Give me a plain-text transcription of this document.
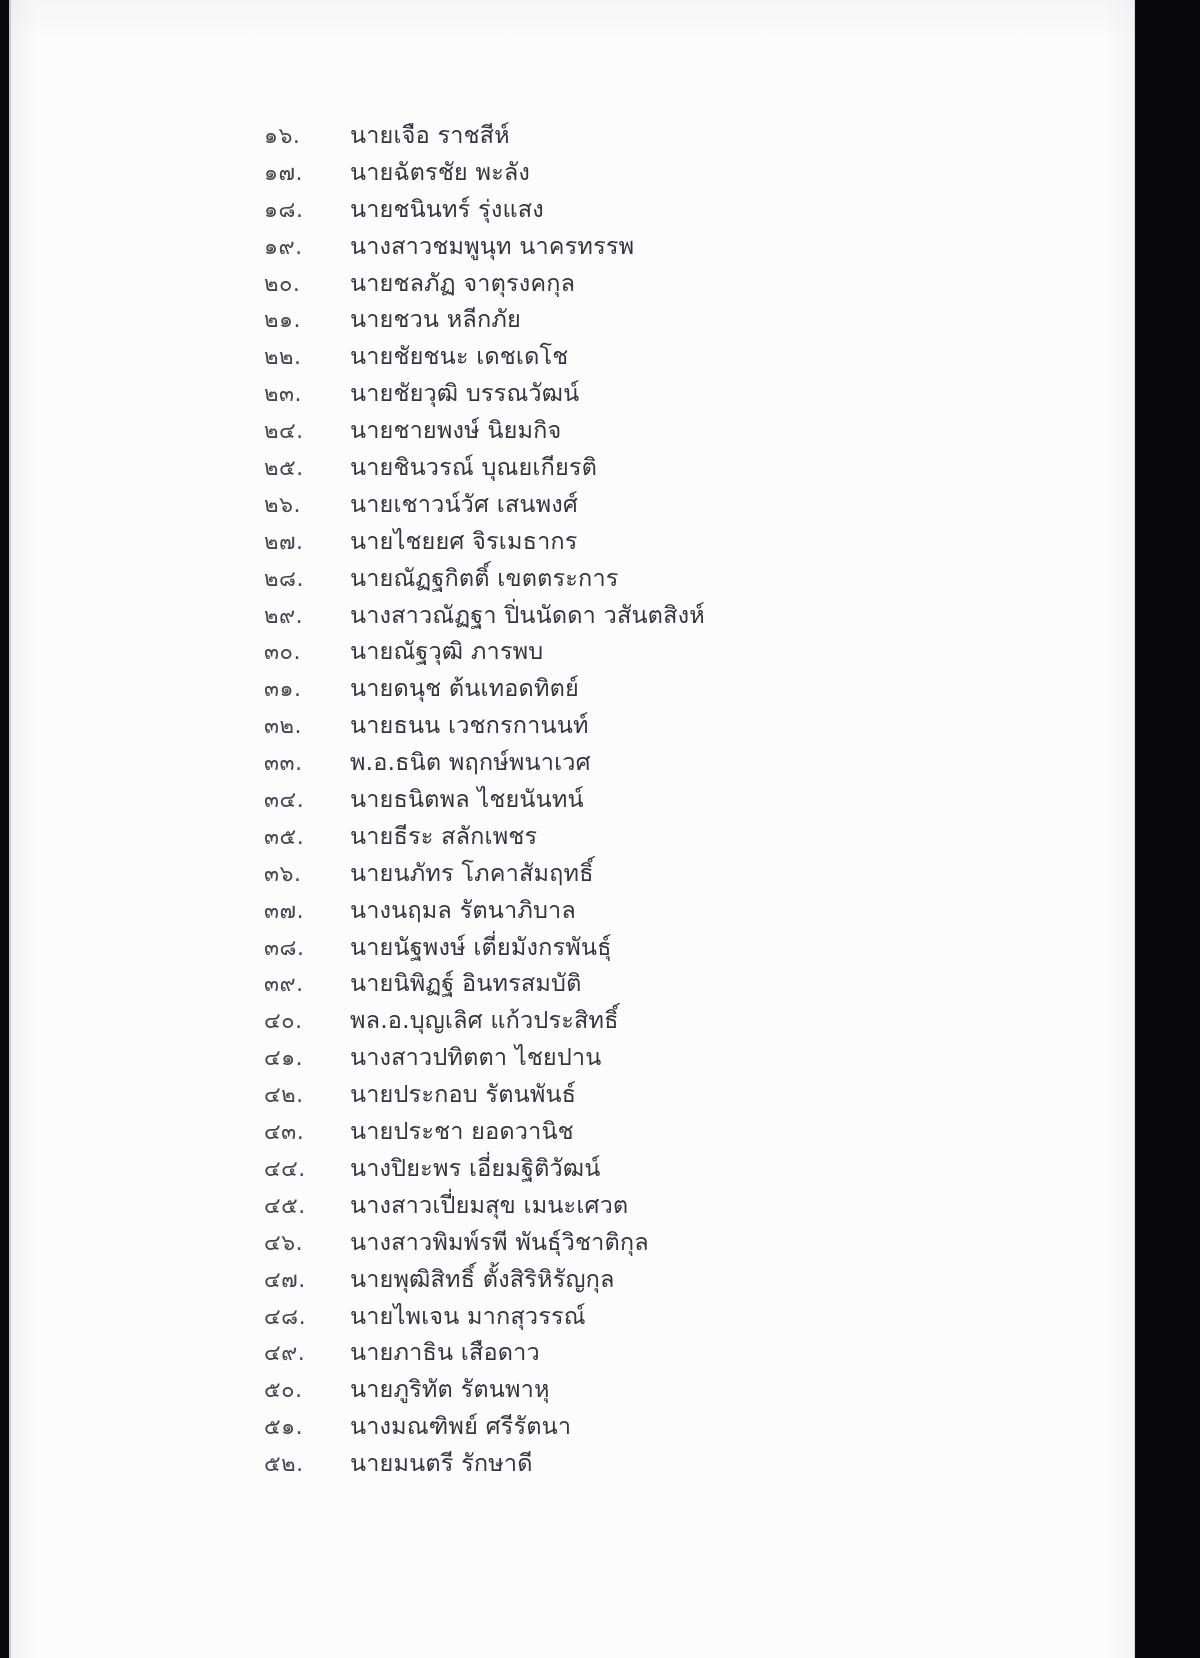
๑๖.	นายเจือ ราชสีห์
๑๗.	นายฉัตรชัย พะลัง
๑๘.	นายชนินทร์ รุ่งแสง
๑๙.	นางสาวชมพูนุท นาครทรรพ
๒๐.	นายชลภัฏ จาตุรงคกุล
๒๑.	นายชวน หลีกภัย
๒๒.	นายชัยชนะ เดชเดโช
๒๓.	นายชัยวุฒิ บรรณวัฒน์
๒๔.	นายชายพงษ์ นิยมกิจ
๒๕.	นายชินวรณ์ บุณยเกียรติ
๒๖.	นายเชาวน์วัศ เสนพงศ์
๒๗.	นายไชยยศ จิรเมธากร
๒๘.	นายณัฏฐกิตติ์ เขตตระการ
๒๙.	นางสาวณัฏฐา ปิ่นนัดดา วสันตสิงห์
๓๐.	นายณัฐวุฒิ ภารพบ
๓๑.	นายดนุช ต้นเทอดทิตย์
๓๒.	นายธนน เวชกรกานนท์
๓๓.	พ.อ.ธนิต พฤกษ์พนาเวศ
๓๔.	นายธนิตพล ไชยนันทน์
๓๕.	นายธีระ สลักเพชร
๓๖.	นายนภัทร โภคาสัมฤทธิ์
๓๗.	นางนฤมล รัตนาภิบาล
๓๘.	นายนัฐพงษ์ เตี่ยมังกรพันธุ์
๓๙.	นายนิพิฏฐ์ อินทรสมบัติ
๔๐.	พล.อ.บุญเลิศ แก้วประสิทธิ์
๔๑.	นางสาวปทิตตา ไชยปาน
๔๒.	นายประกอบ รัตนพันธ์
๔๓.	นายประชา ยอดวานิช
๔๔.	นางปิยะพร เอี่ยมฐิติวัฒน์
๔๕.	นางสาวเปี่ยมสุข เมนะเศวต
๔๖.	นางสาวพิมพ์รพี พันธุ์วิชาติกุล
๔๗.	นายพุฒิสิทธิ์ ตั้งสิริหิรัญกุล
๔๘.	นายไพเจน มากสุวรรณ์
๔๙.	นายภาธิน เสือดาว
๕๐.	นายภูริทัต รัตนพาหุ
๕๑.	นางมณฑิพย์ ศรีรัตนา
๕๒.	นายมนตรี รักษาดี
